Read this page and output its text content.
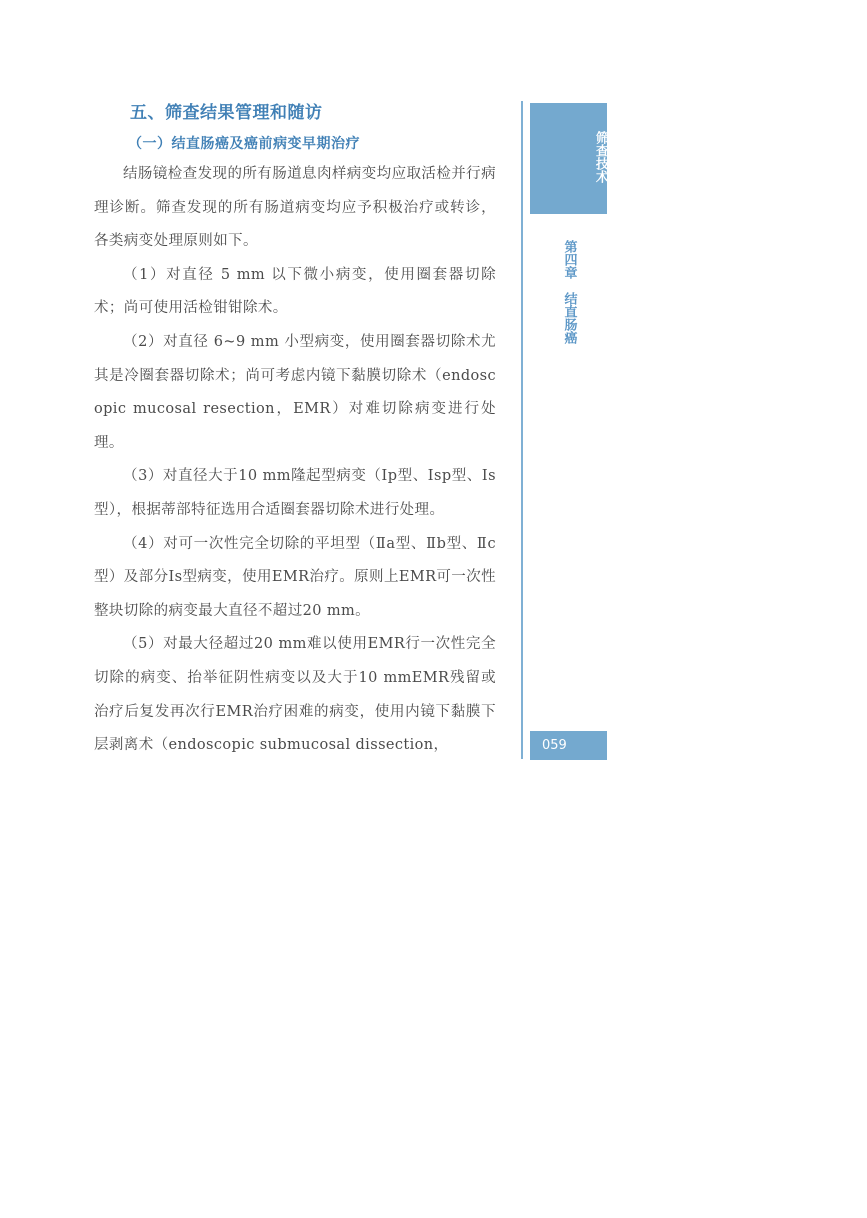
五、筛查结果管理和随访
（一）结直肠癌及癌前病变早期治疗

结肠镜检查发现的所有肠道息肉样病变均应取活检并行病理诊断。筛查发现的所有肠道病变均应予积极治疗或转诊，各类病变处理原则如下。

（1）对直径 5 mm 以下微小病变，使用圈套器切除术；尚可使用活检钳钳除术。

（2）对直径 6~9 mm 小型病变，使用圈套器切除术尤其是冷圈套器切除术；尚可考虑内镜下黏膜切除术（endoscopic mucosal resection，EMR）对难切除病变进行处理。

（3）对直径大于10 mm隆起型病变（Ⅰp型、Ⅰsp型、Ⅰs型），根据蒂部特征选用合适圈套器切除术进行处理。

（4）对可一次性完全切除的平坦型（Ⅱa型、Ⅱb型、Ⅱc型）及部分Ⅰs型病变，使用EMR治疗。原则上EMR可一次性整块切除的病变最大直径不超过20 mm。

（5）对最大径超过20 mm难以使用EMR行一次性完全切除的病变、抬举征阴性病变以及大于10 mmEMR残留或治疗后复发再次行EMR治疗困难的病变，使用内镜下黏膜下层剥离术（endoscopic submucosal dissection，

筛查技术
第四章　结直肠癌
059
